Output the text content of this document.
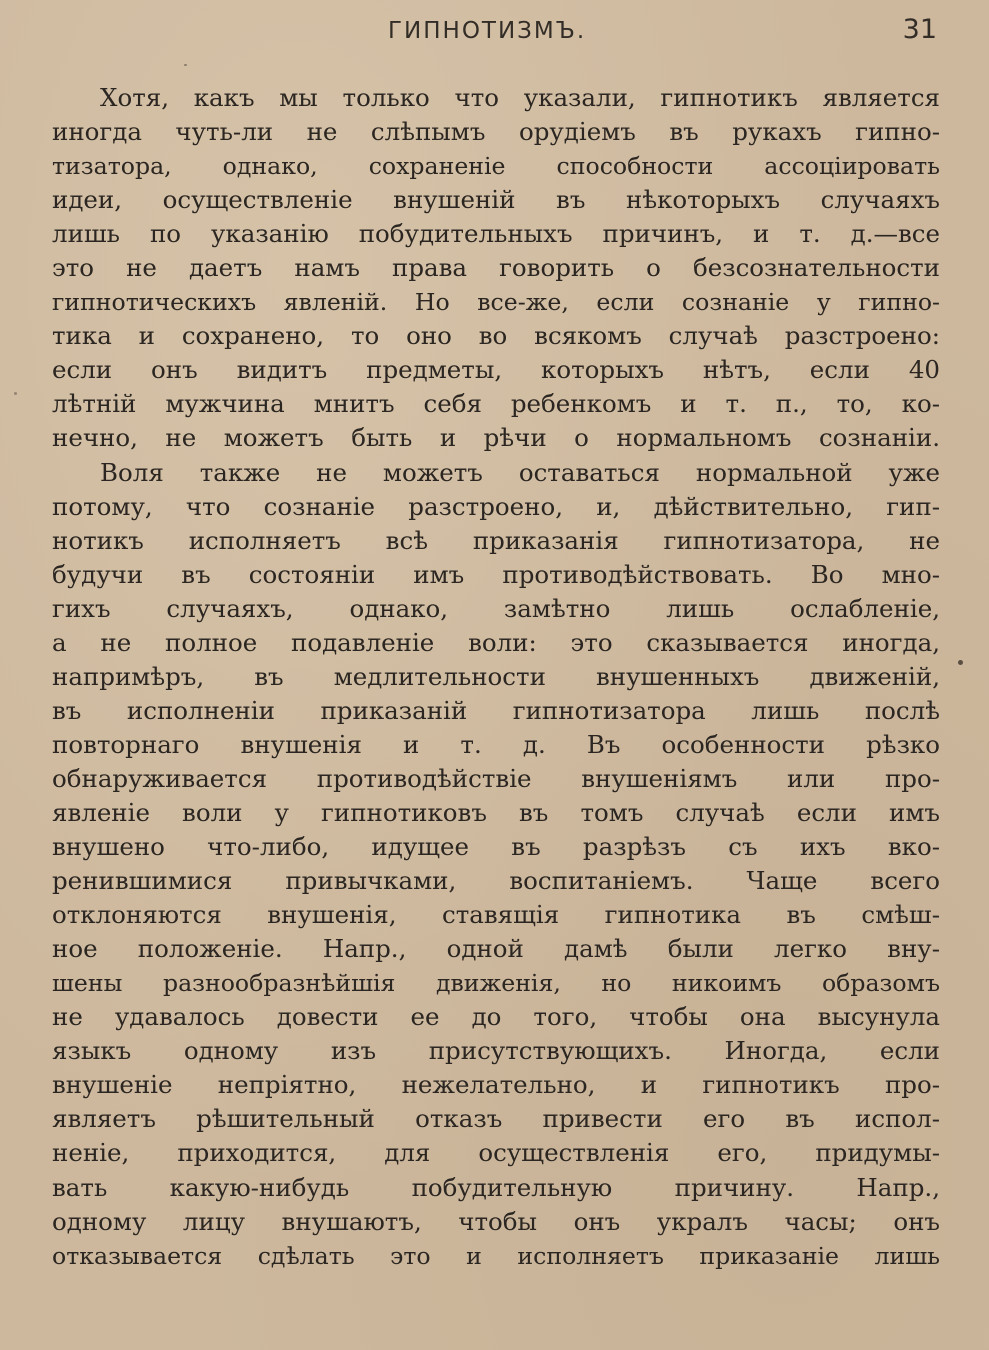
ГИПНОТИЗМЪ.	31
Хотя, какъ мы только что указали, гипнотикъ является
иногда чуть-ли не слѣпымъ орудіемъ въ рукахъ гипно-
тизатора, однако, сохраненіе способности ассоціировать
идеи, осуществленіе внушеній въ нѣкоторыхъ случаяхъ
лишь по указанію побудительныхъ причинъ, и т. д.—все
это не даетъ намъ права говорить о безсознательности
гипнотическихъ явленій. Но все-же, если сознаніе у гипно-
тика и сохранено, то оно во всякомъ случаѣ разстроено:
если онъ видитъ предметы, которыхъ нѣтъ, если 40
лѣтній мужчина мнитъ себя ребенкомъ и т. п., то, ко-
нечно, не можетъ быть и рѣчи о нормальномъ сознаніи.
Воля также не можетъ оставаться нормальной уже
потому, что сознаніе разстроено, и, дѣйствительно, гип-
нотикъ исполняетъ всѣ приказанія гипнотизатора, не
будучи въ состояніи имъ противодѣйствовать. Во мно-
гихъ случаяхъ, однако, замѣтно лишь ослабленіе,
а не полное подавленіе воли: это сказывается иногда,
напримѣръ, въ медлительности внушенныхъ движеній,
въ исполненіи приказаній гипнотизатора лишь послѣ
повторнаго внушенія и т. д. Въ особенности рѣзко
обнаруживается противодѣйствіе внушеніямъ или про-
явленіе воли у гипнотиковъ въ томъ случаѣ если имъ
внушено что-либо, идущее въ разрѣзъ съ ихъ вко-
ренившимися привычками, воспитаніемъ. Чаще всего
отклоняются внушенія, ставящія гипнотика въ смѣш-
ное положеніе. Напр., одной дамѣ были легко вну-
шены разнообразнѣйшія движенія, но никоимъ образомъ
не удавалось довести ее до того, чтобы она высунула
языкъ одному изъ присутствующихъ. Иногда, если
внушеніе непріятно, нежелательно, и гипнотикъ про-
являетъ рѣшительный отказъ привести его въ испол-
неніе, приходится, для осуществленія его, придумы-
вать какую-нибудь побудительную причину. Напр.,
одному лицу внушаютъ, чтобы онъ укралъ часы; онъ
отказывается сдѣлать это и исполняетъ приказаніе лишь
